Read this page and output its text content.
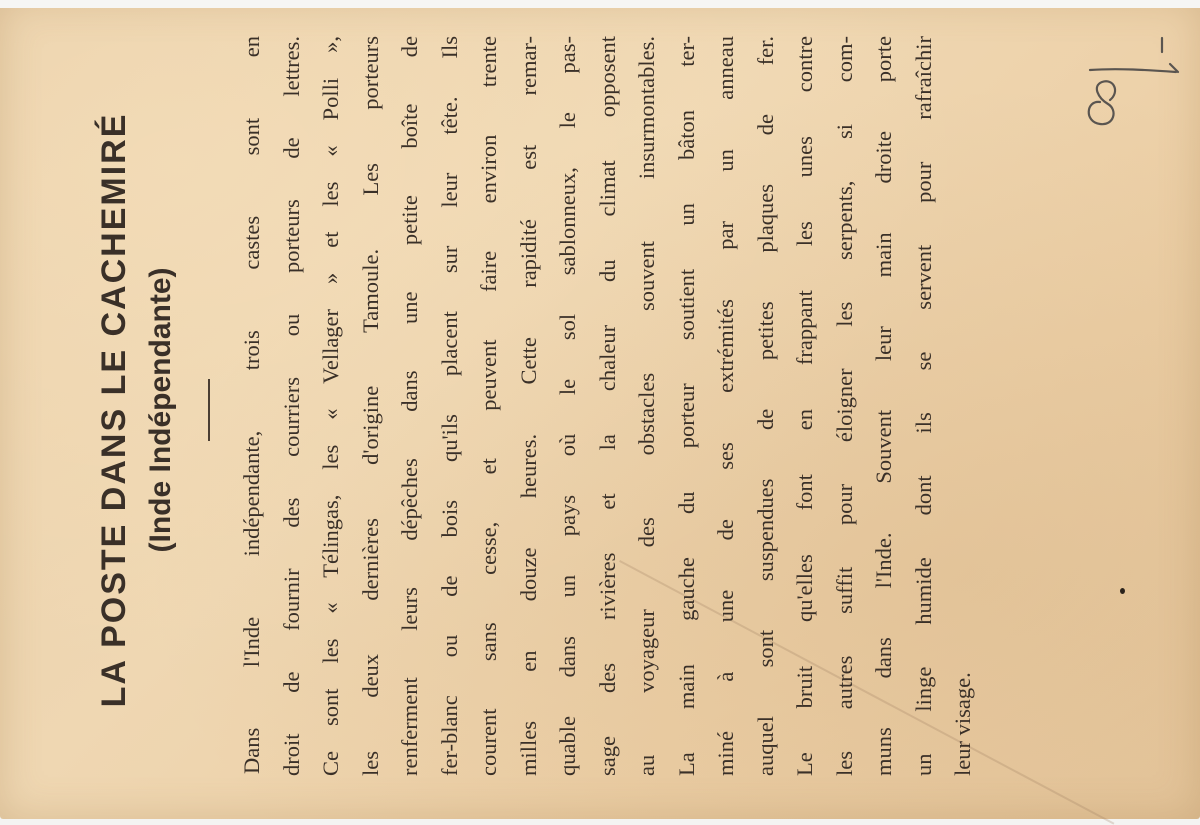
LA POSTE DANS LE CACHEMIRÉ (Inde Indépendante)	Dans l'Inde indépendante, trois castes sont en droit de fournir des courriers ou porteurs de lettres. Ce sont les « Télingas, les « Vellager » et les « Polli », les deux dernières d'origine Tamoule. Les porteurs renferment leurs dépêches dans une petite boîte de fer-blanc ou de bois qu'ils placent sur leur tête. Ils courent sans cesse, et peuvent faire environ trente milles en douze heures. Cette rapidité est remar- quable dans un pays où le sol sablonneux, le pas- sage des rivières et la chaleur du climat opposent au voyageur des obstacles souvent insurmontables. La main gauche du porteur soutient un bâton ter- miné à une de ses extrémités par un anneau auquel sont suspendues de petites plaques de fer. Le bruit qu'elles font en frappant les unes contre les autres suffit pour éloigner les serpents, si com- muns dans l'Inde. Souvent leur main droite porte un linge humide dont ils se servent pour rafraîchir leur visage.
